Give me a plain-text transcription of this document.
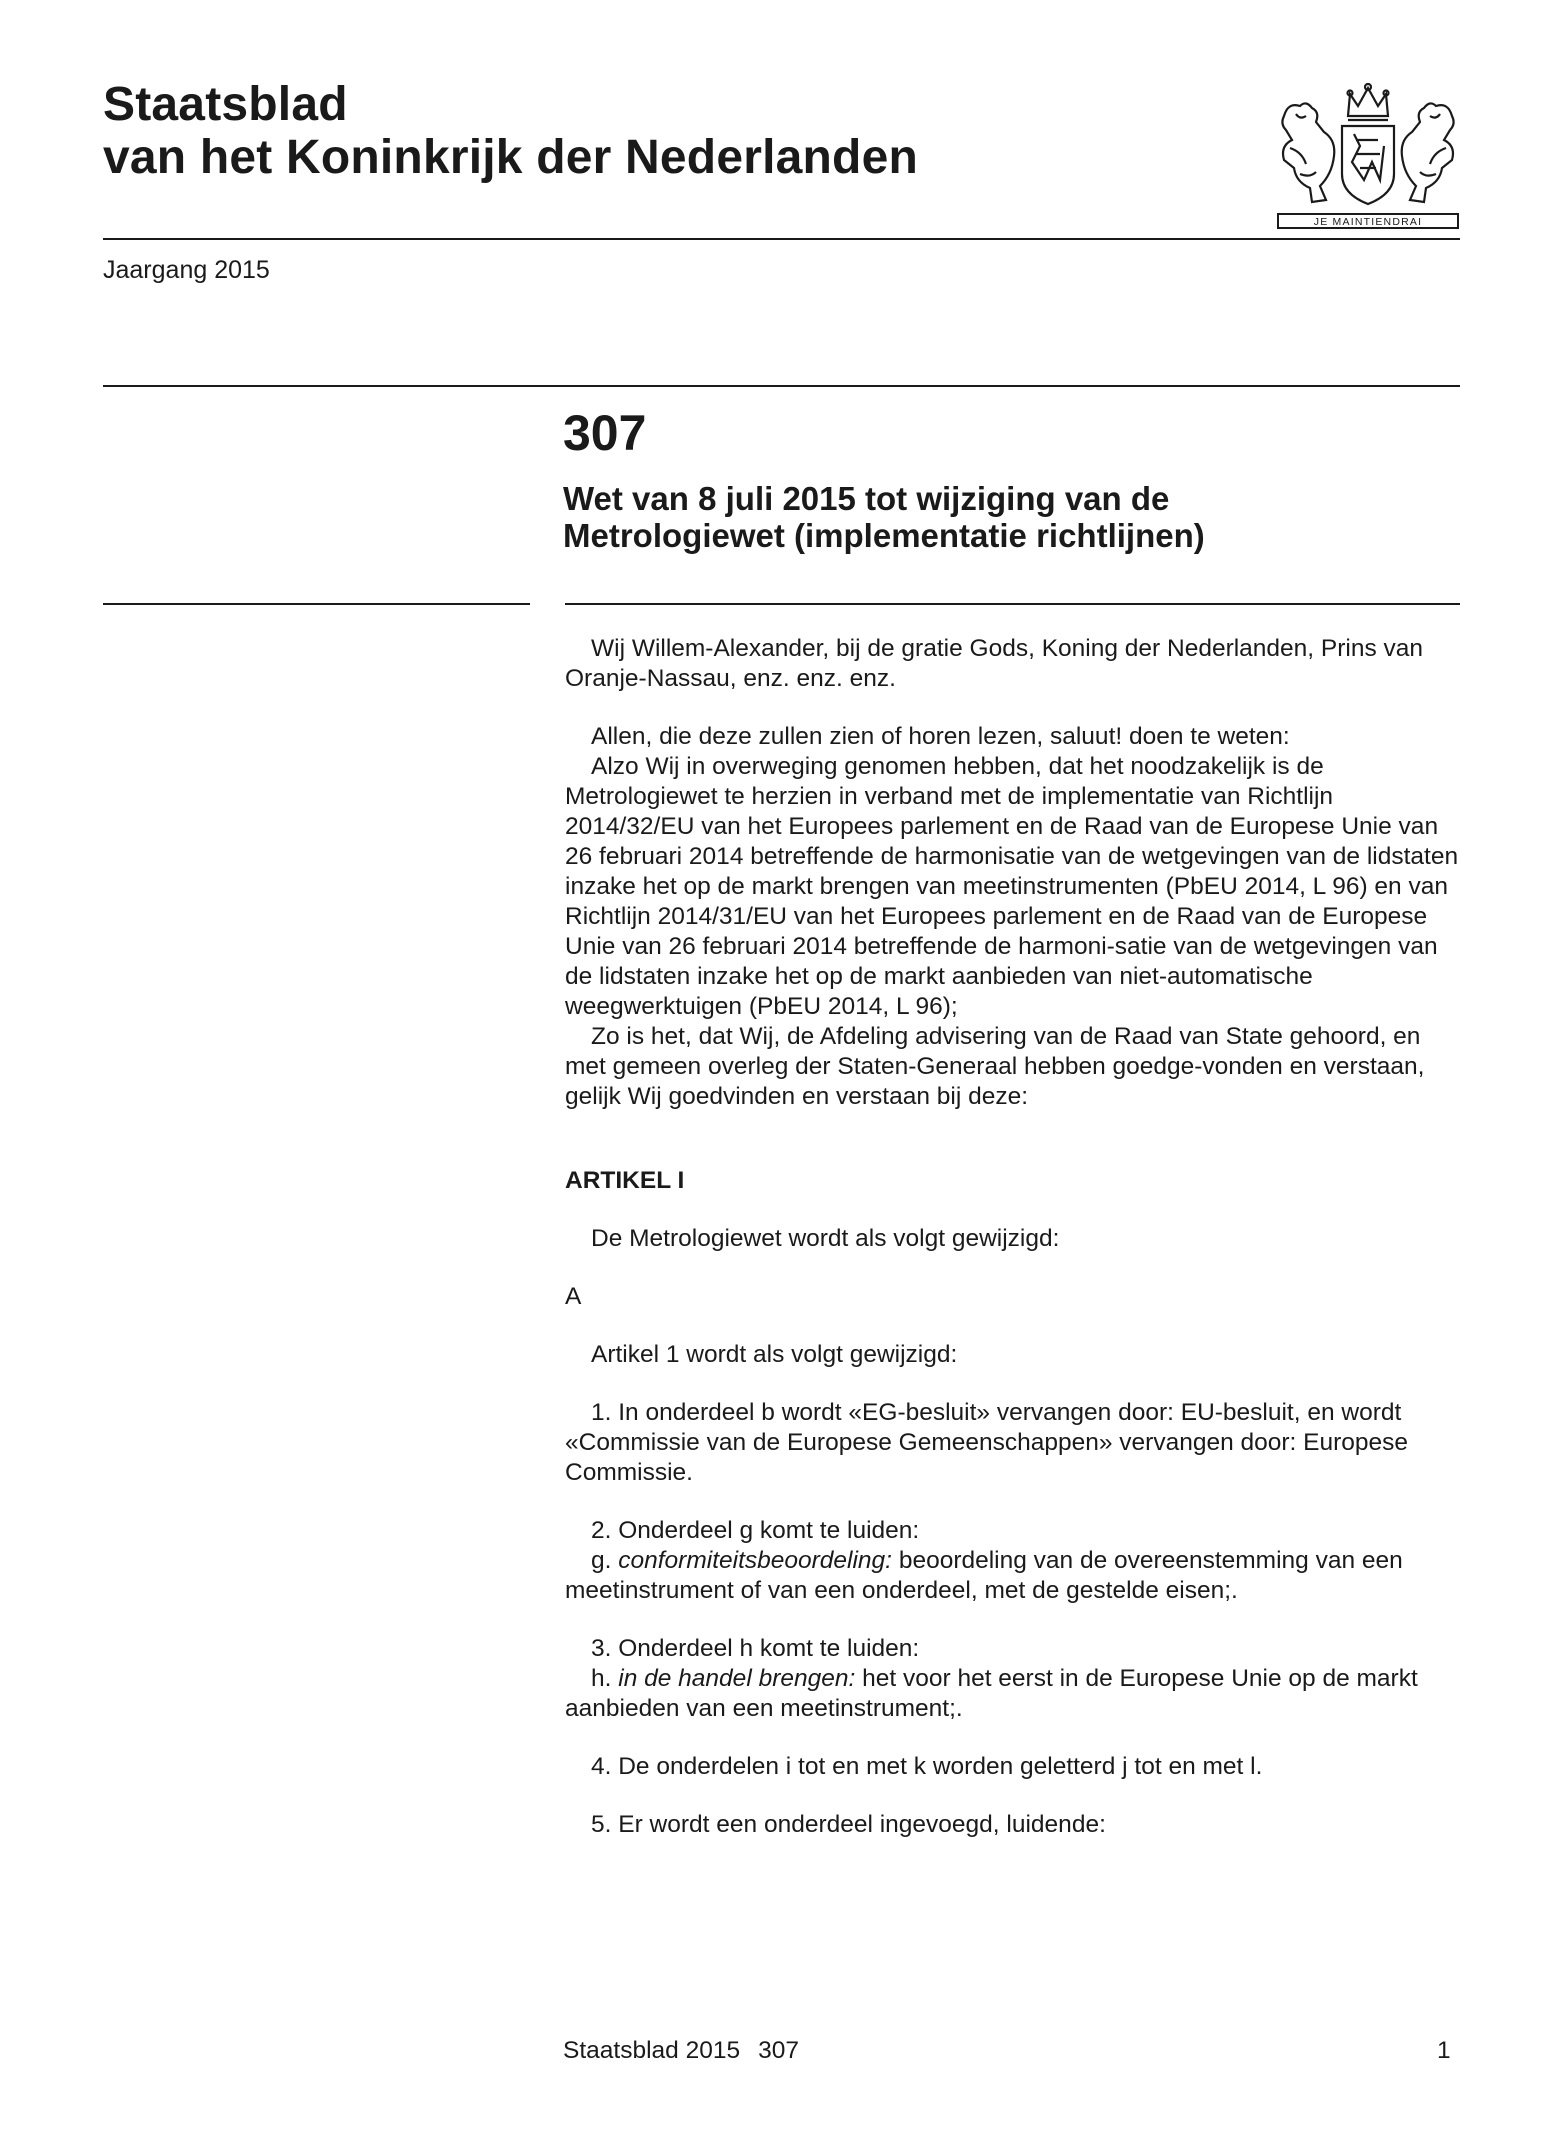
Staatsblad
van het Koninkrijk der Nederlanden
JE MAINTIENDRAI
Jaargang 2015
307
Wet van 8 juli 2015 tot wijziging van de
Metrologiewet (implementatie richtlijnen)

Wij Willem-Alexander, bij de gratie Gods, Koning der Nederlanden, Prins van Oranje-Nassau, enz. enz. enz.

Allen, die deze zullen zien of horen lezen, saluut! doen te weten:

Alzo Wij in overweging genomen hebben, dat het noodzakelijk is de Metrologiewet te herzien in verband met de implementatie van Richtlijn 2014/32/EU van het Europees parlement en de Raad van de Europese Unie van 26 februari 2014 betreffende de harmonisatie van de wetgevingen van de lidstaten inzake het op de markt brengen van meetinstrumenten (PbEU 2014, L 96) en van Richtlijn 2014/31/EU van het Europees parlement en de Raad van de Europese Unie van 26 februari 2014 betreffende de harmoni-satie van de wetgevingen van de lidstaten inzake het op de markt aanbieden van niet-automatische weegwerktuigen (PbEU 2014, L 96);

Zo is het, dat Wij, de Afdeling advisering van de Raad van State gehoord, en met gemeen overleg der Staten-Generaal hebben goedge-vonden en verstaan, gelijk Wij goedvinden en verstaan bij deze:

ARTIKEL I

De Metrologiewet wordt als volgt gewijzigd:

A

Artikel 1 wordt als volgt gewijzigd:

1. In onderdeel b wordt «EG-besluit» vervangen door: EU-besluit, en wordt «Commissie van de Europese Gemeenschappen» vervangen door: Europese Commissie.

2. Onderdeel g komt te luiden:

g. conformiteitsbeoordeling: beoordeling van de overeenstemming van een meetinstrument of van een onderdeel, met de gestelde eisen;.

3. Onderdeel h komt te luiden:

h. in de handel brengen: het voor het eerst in de Europese Unie op de markt aanbieden van een meetinstrument;.

4. De onderdelen i tot en met k worden geletterd j tot en met l.

5. Er wordt een onderdeel ingevoegd, luidende:

Staatsblad 2015 307	1
